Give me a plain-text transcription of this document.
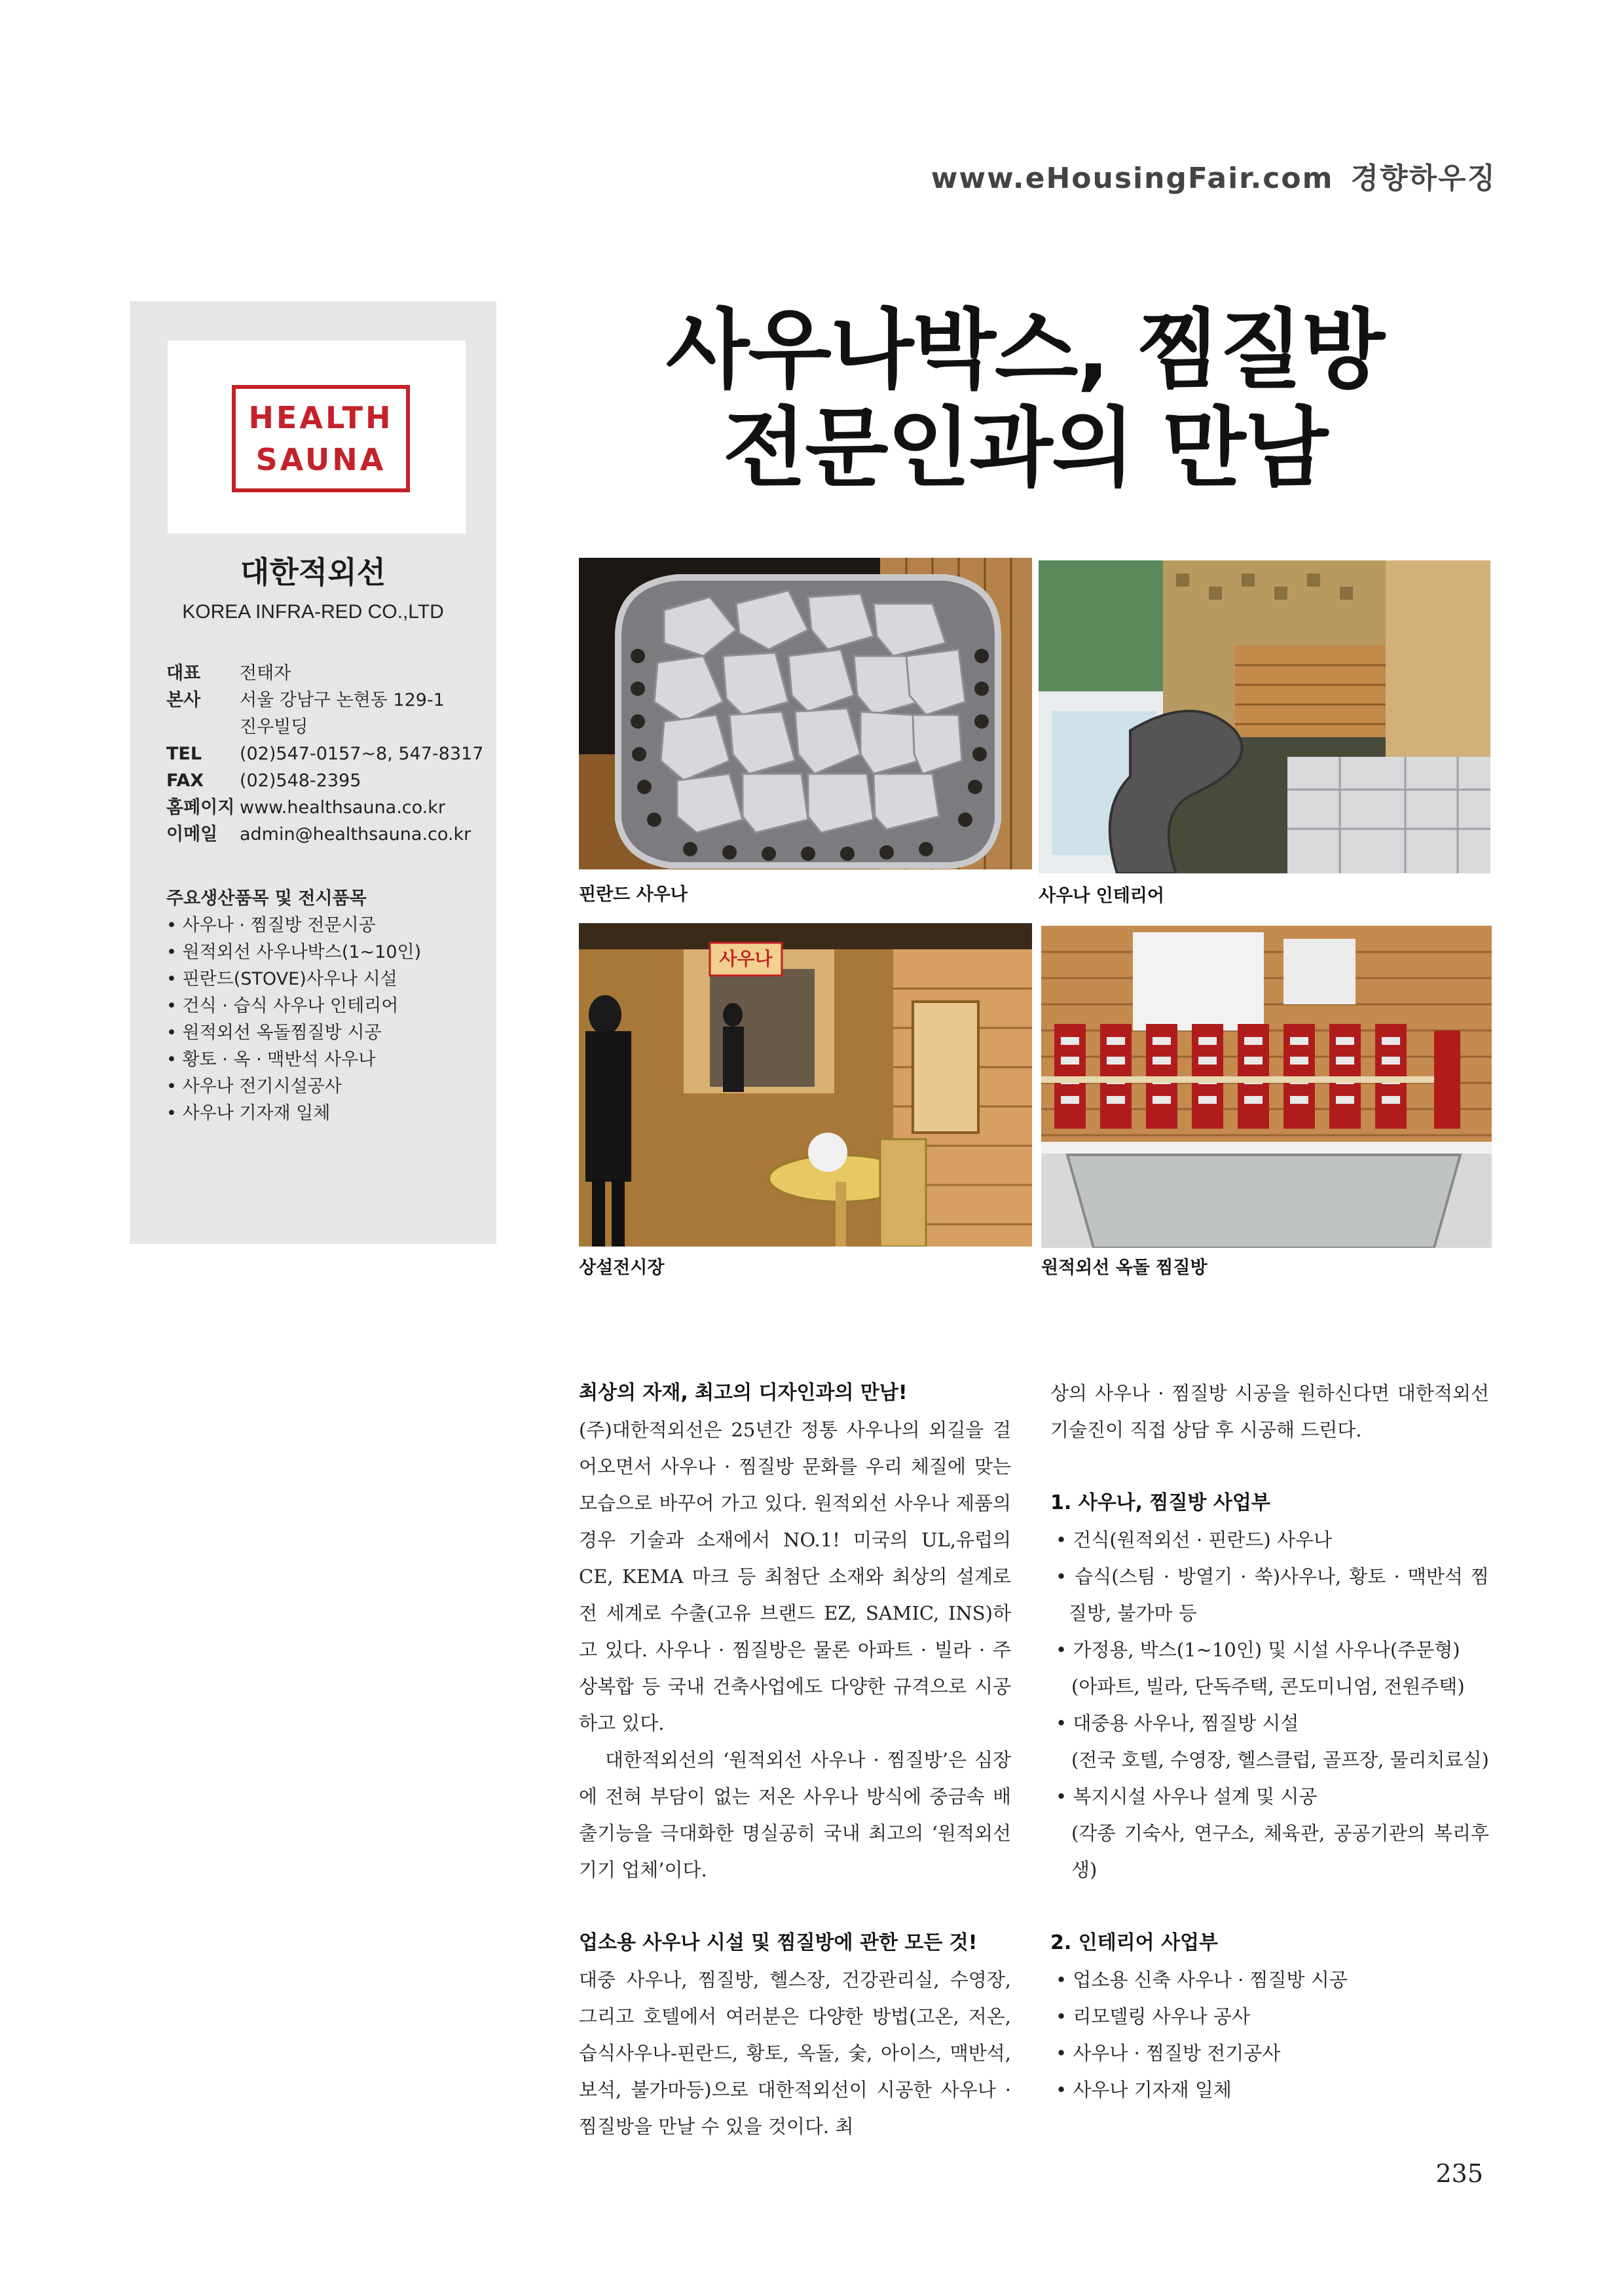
www.eHousingFair.com 경향하우징
HEALTH
SAUNA
대한적외선
KOREA INFRA-RED CO.,LTD
대표	전태자
본사	서울 강남구 논현동 129-1
진우빌딩
TEL	(02)547-0157~8, 547-8317
FAX	(02)548-2395
홈페이지 www.healthsauna.co.kr
이메일	admin@healthsauna.co.kr
주요생산품목 및 전시품목
• 사우나 · 찜질방 전문시공
• 원적외선 사우나박스(1~10인)
• 핀란드(STOVE)사우나 시설
• 건식 · 습식 사우나 인테리어
• 원적외선 옥돌찜질방 시공
• 황토 · 옥 · 맥반석 사우나
• 사우나 전기시설공사
• 사우나 기자재 일체
사우나박스, 찜질방
전문인과의 만남
핀란드 사우나	사우나 인테리어
사우나
상설전시장	원적외선 옥돌 찜질방

최상의 자재, 최고의 디자인과의 만남!

(주)대한적외선은 25년간 정통 사우나의 외길을 걸어오면서 사우나 · 찜질방 문화를 우리 체질에 맞는 모습으로 바꾸어 가고 있다. 원적외선 사우나 제품의 경우 기술과 소재에서 NO.1! 미국의 UL,유럽의 CE, KEMA 마크 등 최첨단 소재와 최상의 설계로 전 세계로 수출(고유 브랜드 EZ, SAMIC, INS)하고 있다. 사우나 · 찜질방은 물론 아파트 · 빌라 · 주상복합 등 국내 건축사업에도 다양한 규격으로 시공하고 있다.

대한적외선의 ‘원적외선 사우나 · 찜질방’은 심장에 전혀 부담이 없는 저온 사우나 방식에 중금속 배출기능을 극대화한 명실공히 국내 최고의 ‘원적외선 기기 업체’이다.

업소용 사우나 시설 및 찜질방에 관한 모든 것!

대중 사우나, 찜질방, 헬스장, 건강관리실, 수영장, 그리고 호텔에서 여러분은 다양한 방법(고온, 저온, 습식사우나-핀란드, 황토, 옥돌, 숯, 아이스, 맥반석, 보석, 불가마등)으로 대한적외선이 시공한 사우나 · 찜질방을 만날 수 있을 것이다. 최

상의 사우나 · 찜질방 시공을 원하신다면 대한적외선 기술진이 직접 상담 후 시공해 드린다.

1. 사우나, 찜질방 사업부

• 건식(원적외선 · 핀란드) 사우나

• 습식(스팀 · 방열기 · 쑥)사우나, 황토 · 맥반석 찜질방, 불가마 등

• 가정용, 박스(1~10인) 및 시설 사우나(주문형)

(아파트, 빌라, 단독주택, 콘도미니엄, 전원주택)

• 대중용 사우나, 찜질방 시설

(전국 호텔, 수영장, 헬스클럽, 골프장, 물리치료실)

• 복지시설 사우나 설계 및 시공

(각종 기숙사, 연구소, 체육관, 공공기관의 복리후생)

2. 인테리어 사업부

• 업소용 신축 사우나 · 찜질방 시공

• 리모델링 사우나 공사

• 사우나 · 찜질방 전기공사

• 사우나 기자재 일체

235
